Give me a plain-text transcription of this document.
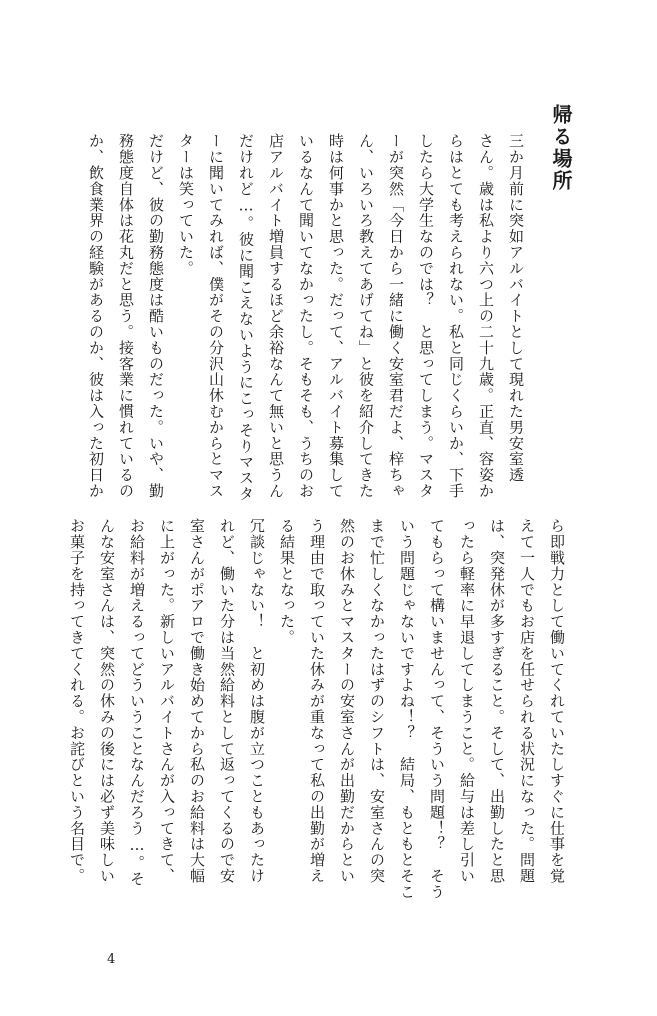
帰る場所
三か月前に突如アルバイトとして現れた男安室透
さん。歳は私より六つ上の二十九歳。正直、容姿か
らはとても考えられない。私と同じくらいか、下手
したら大学生なのでは？　と思ってしまう。マスタ
ーが突然「今日から一緒に働く安室君だよ、梓ちゃ
ん、いろいろ教えてあげてね」と彼を紹介してきた
時は何事かと思った。だって、アルバイト募集して
いるなんて聞いてなかったし。そもそも、うちのお
店アルバイト増員するほど余裕なんて無いと思うん
だけれど…。彼に聞こえないようにこっそりマスタ
ーに聞いてみれば、僕がその分沢山休むからとマス
ターは笑っていた。
だけど、彼の勤務態度は酷いものだった。いや、勤
務態度自体は花丸だと思う。接客業に慣れているの
か、飲食業界の経験があるのか、彼は入った初日か
ら即戦力として働いてくれていたしすぐに仕事を覚
えて一人でもお店を任せられる状況になった。問題
は、突発休が多すぎること。そして、出勤したと思
ったら軽率に早退してしまうこと。給与は差し引い
てもらって構いませんって、そういう問題！？　そう
いう問題じゃないですよね！？　結局、もともとそこ
まで忙しくなかったはずのシフトは、安室さんの突
然のお休みとマスターの安室さんが出勤だからとい
う理由で取っていた休みが重なって私の出勤が増え
る結果となった。
冗談じゃない！　と初めは腹が立つこともあったけ
れど、働いた分は当然給料として返ってくるので安
室さんがポアロで働き始めてから私のお給料は大幅
に上がった。新しいアルバイトさんが入ってきて、
お給料が増えるってどういうことなんだろう…。そ
んな安室さんは、突然の休みの後には必ず美味しい
お菓子を持ってきてくれる。お詫びという名目で。
4
